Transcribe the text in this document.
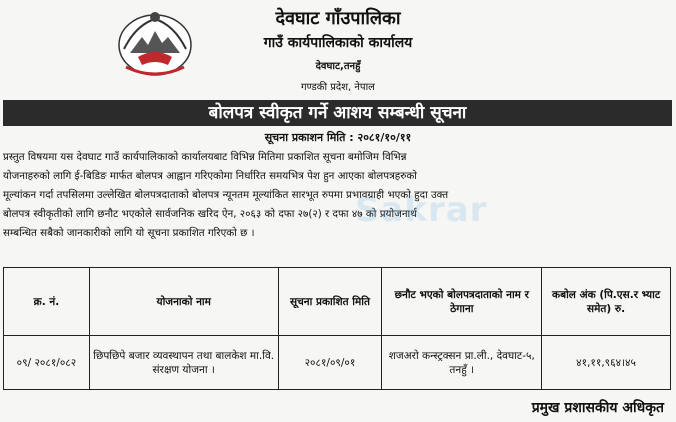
देवघाट गाँउपालिका
गाउँ कार्यपालिकाको कार्यालय
देवघाट,तनहुँ
गण्डकी प्रदेश, नेपाल
बोलपत्र स्वीकृत गर्ने आशय सम्बन्धी सूचना
सूचना प्रकाशन मिति : २०८१/१०/११
प्रस्तुत विषयमा यस देवघाट गाउँ कार्यपालिकाको कार्यालयबाट विभिन्न मितिमा प्रकाशित सूचना बमोजिम विभिन्न
योजनाहरुको लागि ई-बिडिङ मार्फत बोलपत्र आह्वान गरिएकोमा निर्धारित समयभित्र पेश हुन आएका बोलपत्रहरुको
मूल्यांकन गर्दा तपसिलमा उल्लेखित बोलपत्रदाताको बोलपत्र न्यूनतम मूल्यांकित सारभूत रुपमा प्रभावग्राही भएको हुदा उक्त
बोलपत्र स्वीकृतीको लागि छनौट भएकोले सार्वजनिक खरिद ऐन, २०६३ को दफा २७(२) र दफा ४७ को प्रयोजनार्थ
सम्बन्धित सबैको जानकारीको लागि यो सूचना प्रकाशित गरिएको छ ।
Sakrar
क्र. नं.	योजनाको नाम	सूचना प्रकाशित मिति	छनौट भएको बोलपत्रदाताको नाम र ठेगाना	कबोल अंक (पि.एस.र भ्याट समेत) रु.
०९/ २०८१/०८२	छिपछिपे बजार व्यवस्थापन तथा बालकेश मा.वि. संरक्षण योजना ।	२०८१/०९/०१	शजअरो कन्स्ट्रक्सन प्रा.ली., देवघाट-५, तनहुँ ।	४१,११,९६४।४५
प्रमुख प्रशासकीय अधिकृत
